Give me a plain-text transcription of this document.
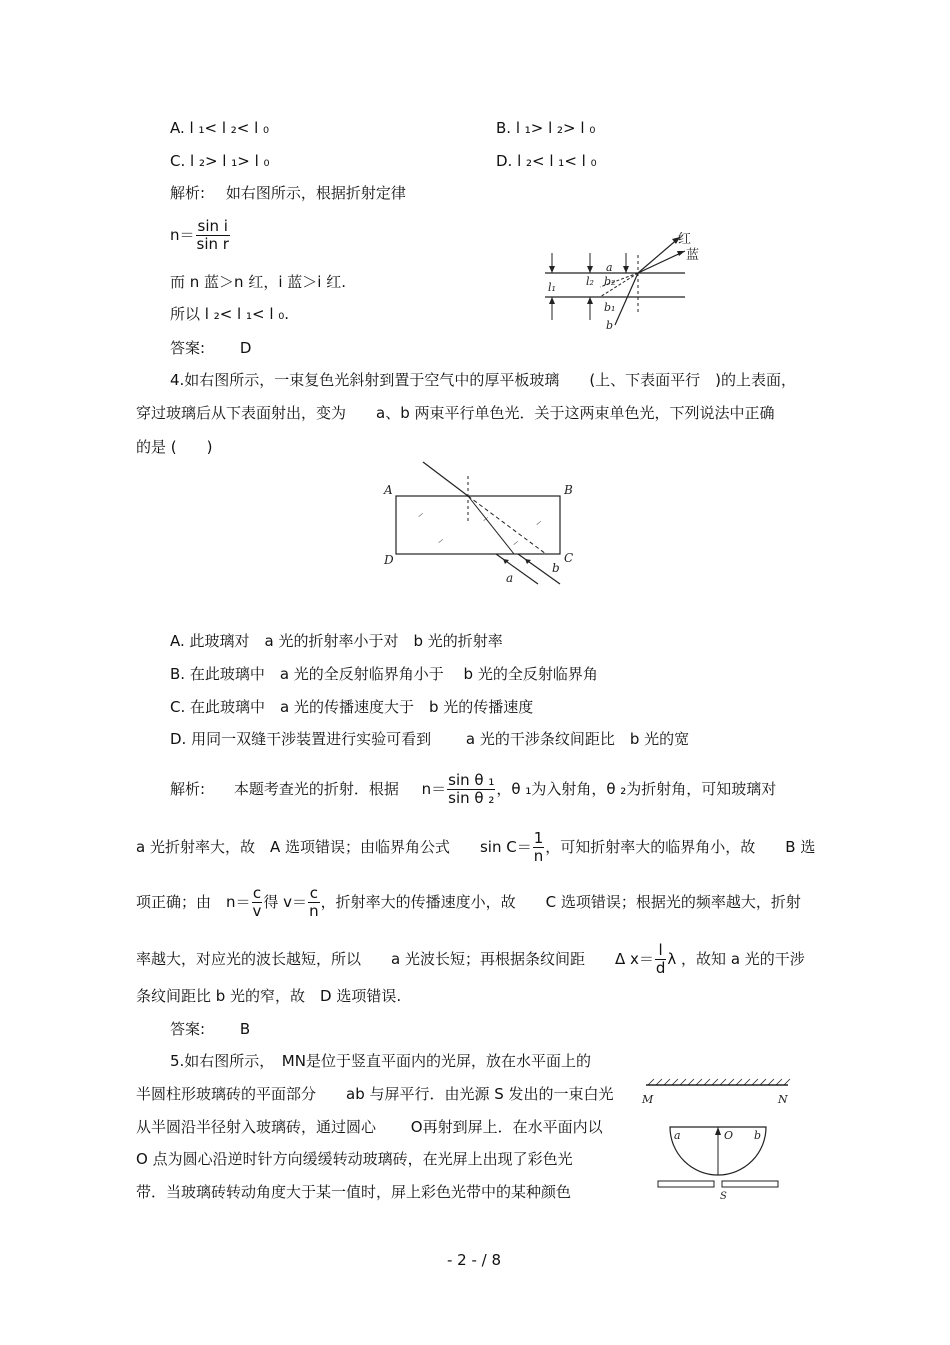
A. l ₁< l ₂< l ₀	B. l ₁> l ₂> l ₀
C. l ₂> l ₁> l ₀	D. l ₂< l ₁< l ₀
解析: 如右图所示，根据折射定律
$n= \frac{\text{sin i}}{\text{sin r}}$
而 n 蓝＞n 红，i 蓝＞i 红.
所以 l ₂< l ₁< l ₀.
答案: D
红
蓝
a
b₂
l₂
l₁
b₁
b
4.如右图所示，一束复色光斜射到置于空气中的厚平板玻璃　　(上、下表面平行　)的上表面，
穿过玻璃后从下表面射出，变为　　a、b 两束平行单色光．关于这两束单色光，下列说法中正确
的是 (　　)
⸝
⸝
⸝	⸝
⸝
A	B
C
D
a
b
A. 此玻璃对　a 光的折射率小于对　b 光的折射率
B. 在此玻璃中　a 光的全反射临界角小于　 b 光的全反射临界角
C. 在此玻璃中　a 光的传播速度大于　b 光的传播速度
D. 用同一双缝干涉装置进行实验可看到　　 a 光的干涉条纹间距比　b 光的宽
解析: 本题考查光的折射．根据 $n= \frac{\text{sin θ ₁}}{\text{sin θ ₂}}$ ，θ ₁为入射角，θ ₂为折射角，可知玻璃对
a 光折射率大，故　A 选项错误；由临界角公式　　$\sin C= \frac{1}{n}$ ，可知折射率大的临界角小，故　　B 选
项正确；由　$n= \frac{c}{v}$ 得 $v= \frac{c}{n}$ ，折射率大的传播速度小，故　　C 选项错误；根据光的频率越大，折射
率越大，对应光的波长越短，所以　　a 光波长短；再根据条纹间距　　Δ $x= \frac{l}{d}$ λ ，故知 a 光的干涉
条纹间距比 b 光的窄，故　D 选项错误.
答案: B
5.如右图所示，　MN是位于竖直平面内的光屏，放在水平面上的
半圆柱形玻璃砖的平面部分　　ab 与屏平行．由光源 S 发出的一束白光
从半圆沿半径射入玻璃砖，通过圆心　　 O再射到屏上．在水平面内以
O 点为圆心沿逆时针方向缓缓转动玻璃砖，在光屏上出现了彩色光
带．当玻璃砖转动角度大于某一值时，屏上彩色光带中的某种颜色
M	N
a	O b
S
- 2 - / 8
